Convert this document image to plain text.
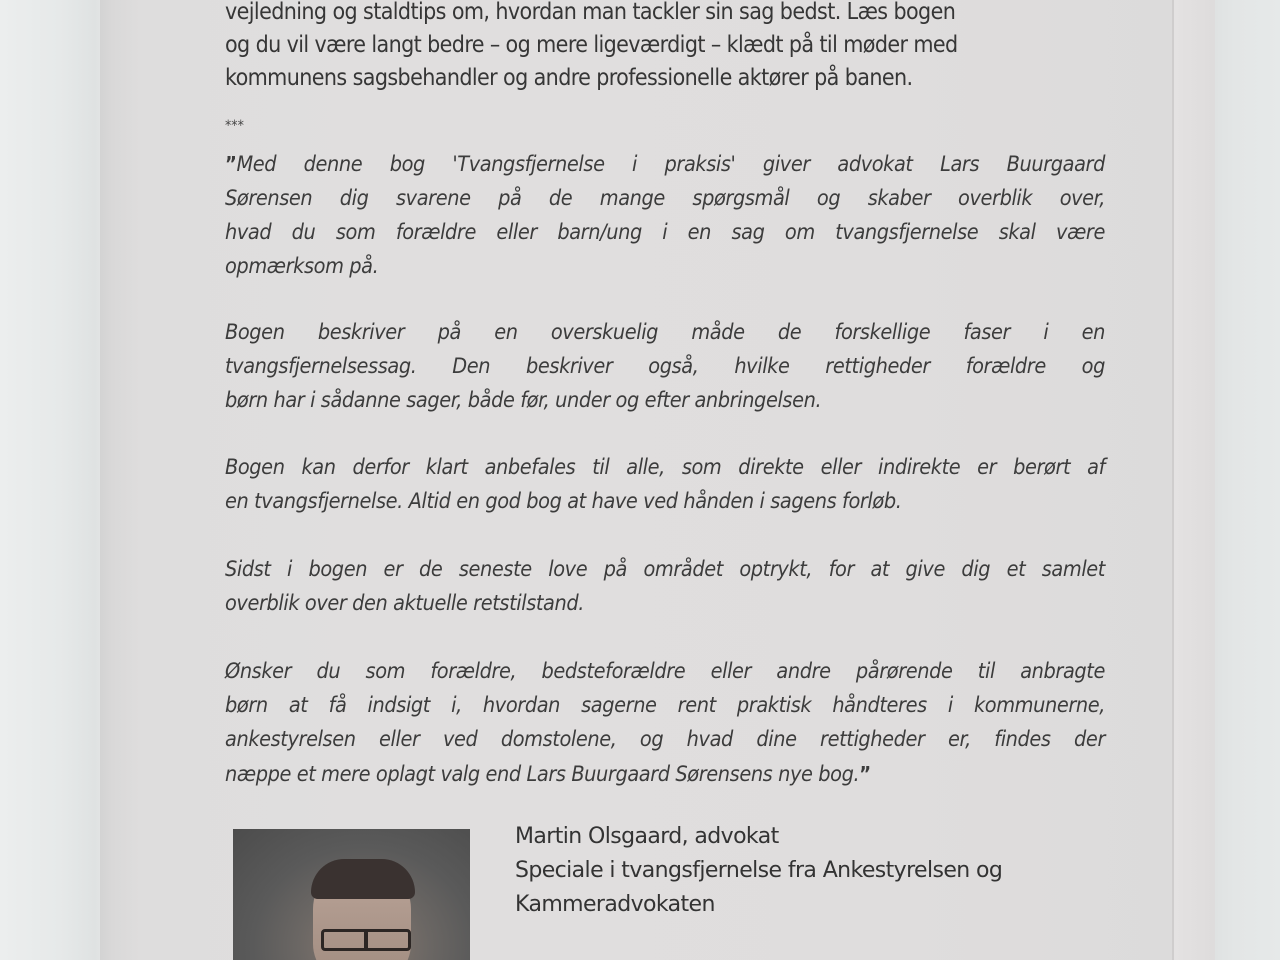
vejledning og staldtips om, hvordan man tackler sin sag bedst. Læs bogen
og du vil være langt bedre – og mere ligeværdigt – klædt på til møder med
kommunens sagsbehandler og andre professionelle aktører på banen.
***
”Med denne bog 'Tvangsfjernelse i praksis' giver advokat Lars Buurgaard
Sørensen dig svarene på de mange spørgsmål og skaber overblik over,
hvad du som forældre eller barn/ung i en sag om tvangsfjernelse skal være
opmærksom på.
Bogen beskriver på en overskuelig måde de forskellige faser i en
tvangsfjernelsessag. Den beskriver også, hvilke rettigheder forældre og
børn har i sådanne sager, både før, under og efter anbringelsen.
Bogen kan derfor klart anbefales til alle, som direkte eller indirekte er berørt af
en tvangsfjernelse. Altid en god bog at have ved hånden i sagens forløb.
Sidst i bogen er de seneste love på området optrykt, for at give dig et samlet
overblik over den aktuelle retstilstand.
Ønsker du som forældre, bedsteforældre eller andre pårørende til anbragte
børn at få indsigt i, hvordan sagerne rent praktisk håndteres i kommunerne,
ankestyrelsen eller ved domstolene, og hvad dine rettigheder er, findes der
næppe et mere oplagt valg end Lars Buurgaard Sørensens nye bog.”
Martin Olsgaard, advokat
Speciale i tvangsfjernelse fra Ankestyrelsen og
Kammeradvokaten
